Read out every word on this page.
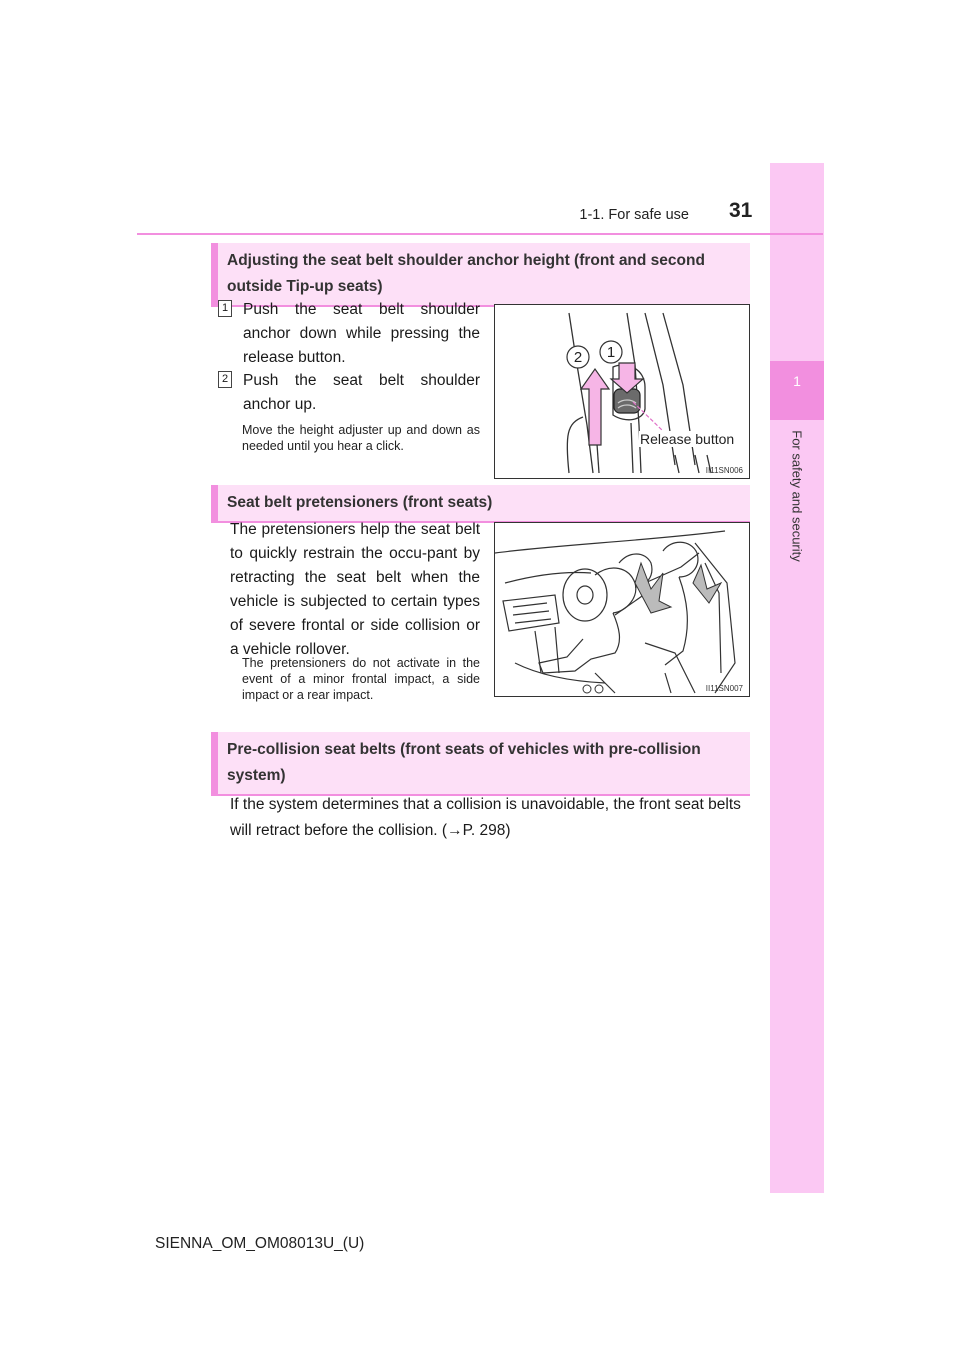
1
For safety and security
1-1. For safe use 31
Adjusting the seat belt shoulder anchor height (front and second outside Tip-up seats)
1 Push the seat belt shoulder anchor down while pressing the release button.
2 Push the seat belt shoulder anchor up.
Move the height adjuster up and down as needed until you hear a click.
1
2
Release button
II11SN006
Seat belt pretensioners (front seats)
The pretensioners help the seat belt to quickly restrain the occu-pant by retracting the seat belt when the vehicle is subjected to certain types of severe frontal or side collision or a vehicle rollover.
The pretensioners do not activate in the event of a minor frontal impact, a side impact or a rear impact.	II11SN007
Pre-collision seat belts (front seats of vehicles with pre-collision system)
If the system determines that a collision is unavoidable, the front seat belts will retract before the collision. (→P. 298)
SIENNA_OM_OM08013U_(U)
